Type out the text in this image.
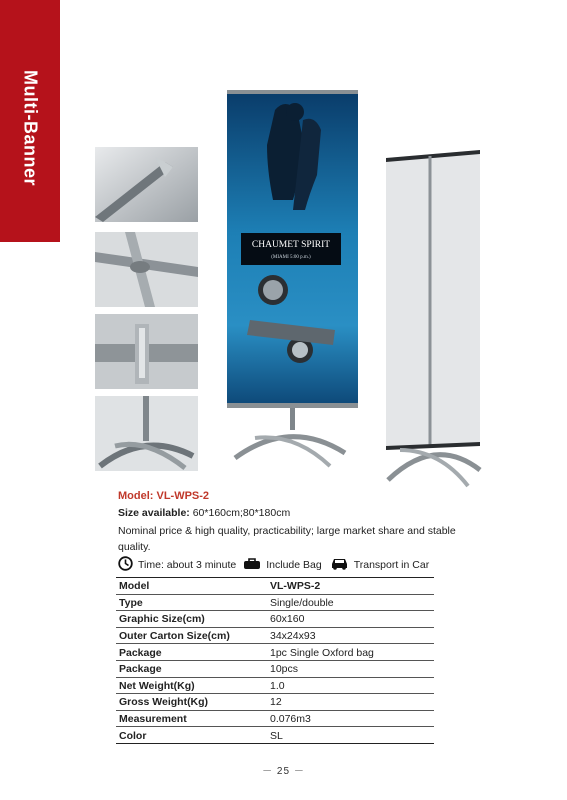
Multi-Banner
CHAUMET SPIRIT
(MIAMI 5:00 p.m.)
Model: VL-WPS-2
Size available: 60*160cm;80*180cm
Nominal price & high quality, practicability; large market share and stable quality.
Time: about 3 minute	Include Bag	Transport in Car
Model	VL-WPS-2
Type	Single/double
Graphic Size(cm)	60x160
Outer Carton Size(cm)	34x24x93
Package	1pc Single Oxford bag
Package	10pcs
Net Weight(Kg)	1.0
Gross Weight(Kg)	12
Measurement	0.076m3
Color	SL
－ 25 －
